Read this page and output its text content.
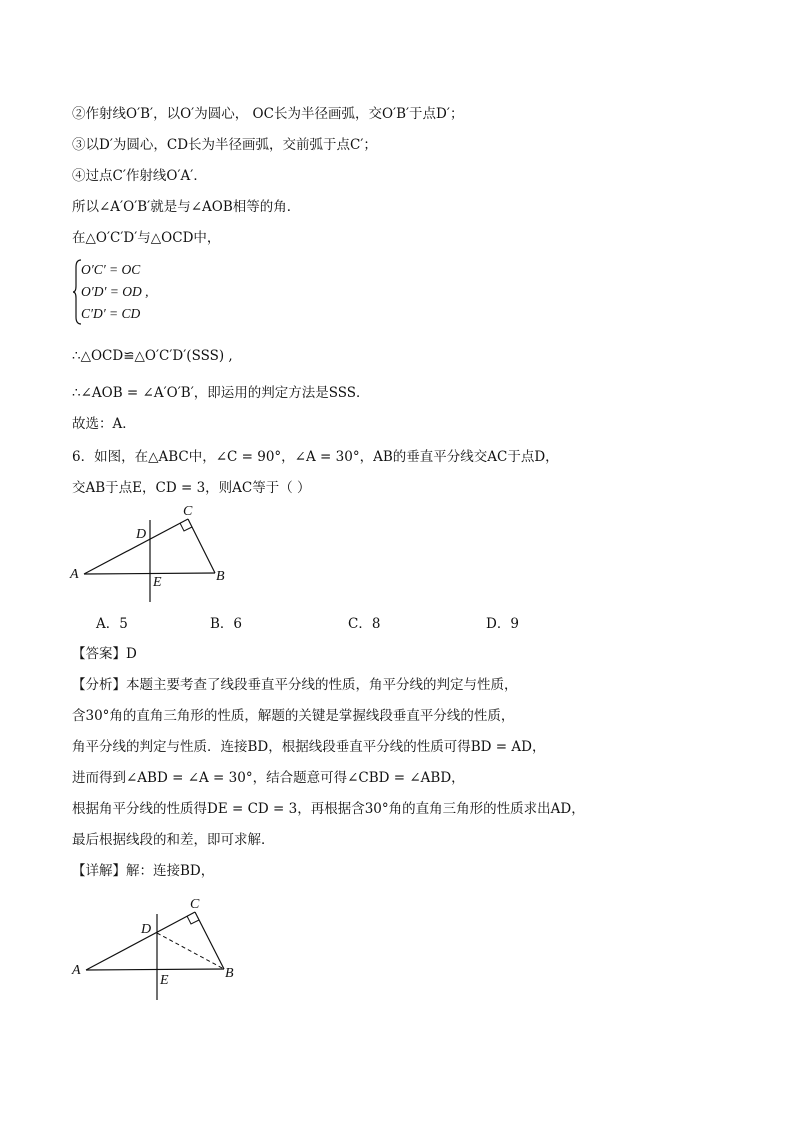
②作射线O′B′，以O′为圆心， OC长为半径画弧，交O′B′于点D′；
③以D′为圆心，CD长为半径画弧，交前弧于点C′；
④过点C′作射线O′A′．
所以∠A′O′B′就是与∠AOB相等的角．
在△O′C′D′与△OCD中，
O′C′ = OC
O′D′ = OD ,
C′D′ = CD
∴△OCD≌△O′C′D′(SSS) ,
∴∠AOB = ∠A′O′B′，即运用的判定方法是SSS．
故选：A．
6．如图，在△ABC中，∠C = 90°，∠A = 30°，AB的垂直平分线交AC于点D，
交AB于点E，CD = 3，则AC等于（ ）
A	B
C
D
E
A．5	B．6	C．8	D．9
【答案】D
【分析】本题主要考查了线段垂直平分线的性质，角平分线的判定与性质，
含30°角的直角三角形的性质，解题的关键是掌握线段垂直平分线的性质，
角平分线的判定与性质．连接BD，根据线段垂直平分线的性质可得BD = AD，
进而得到∠ABD = ∠A = 30°，结合题意可得∠CBD = ∠ABD，
根据角平分线的性质得DE = CD = 3，再根据含30°角的直角三角形的性质求出AD，
最后根据线段的和差，即可求解．
【详解】解：连接BD，
A	B
C
D
E
